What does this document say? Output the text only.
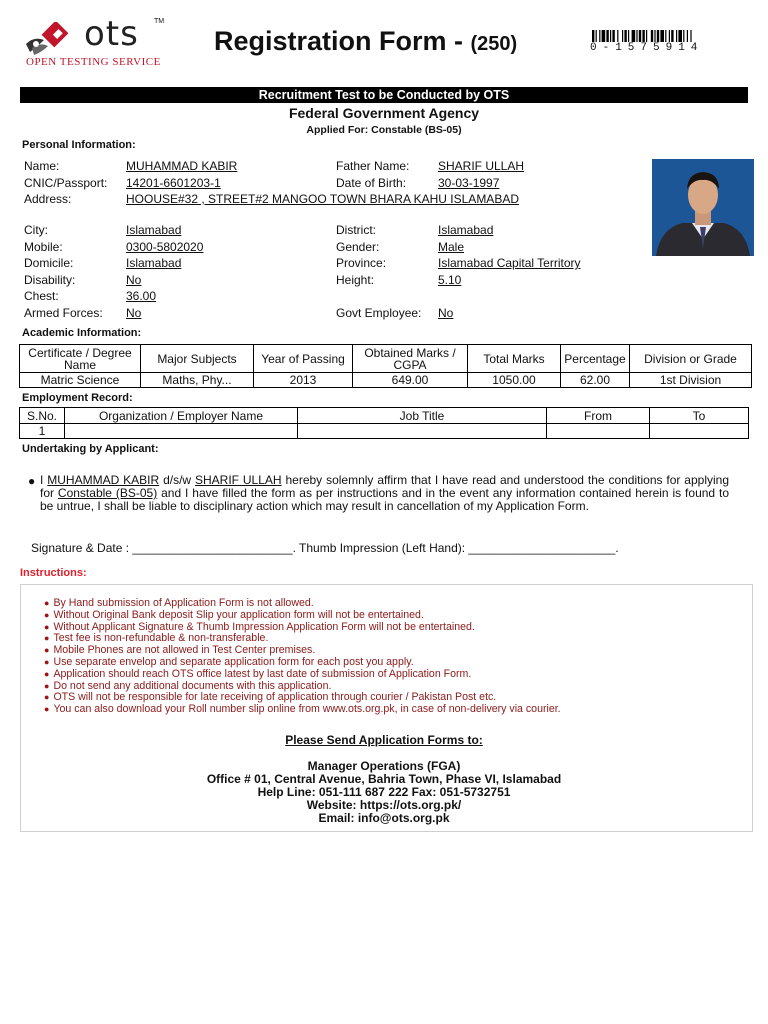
ots TM
OPEN TESTING SERVICE
Registration Form - (250)	0-1575914
Recruitment Test to be Conducted by OTS
Federal Government Agency
Applied For: Constable (BS-05)
Personal Information:
Name:	MUHAMMAD KABIR	Father Name: SHARIF ULLAH
CNIC/Passport: 14201-6601203-1	Date of Birth:	30-03-1997
Address:	HOOUSE#32 , STREET#2 MANGOO TOWN BHARA KAHU ISLAMABAD
City:	Islamabad	District:	Islamabad
Mobile:	0300-5802020	Gender:	Male
Domicile:	Islamabad	Province:	Islamabad Capital Territory
Disability:	No	Height:	5.10
Chest:	36.00
Armed Forces: No	Govt Employee: No
Academic Information:
Certificate / Degree Name	Major Subjects	Year of Passing	Obtained Marks / CGPA	Total Marks	Percentage	Division or Grade
Matric Science	Maths, Phy...	2013	649.00	1050.00	62.00	1st Division
Employment Record:
S.No.	Organization / Employer Name	Job Title	From	To
1				
Undertaking by Applicant:
● I MUHAMMAD KABIR d/s/w SHARIF ULLAH hereby solemnly affirm that I have read and understood the conditions for applying for Constable (BS-05) and I have filled the form as per instructions and in the event any information contained herein is found to be untrue, I shall be liable to disciplinary action which may result in cancellation of my Application Form.
Signature & Date : ________________________. Thumb Impression (Left Hand): ______________________.
Instructions:
● By Hand submission of Application Form is not allowed.
● Without Original Bank deposit Slip your application form will not be entertained.
● Without Applicant Signature & Thumb Impression Application Form will not be entertained.
● Test fee is non-refundable & non-transferable.
● Mobile Phones are not allowed in Test Center premises.
● Use separate envelop and separate application form for each post you apply.
● Application should reach OTS office latest by last date of submission of Application Form.
● Do not send any additional documents with this application.
● OTS will not be responsible for late receiving of application through courier / Pakistan Post etc.
● You can also download your Roll number slip online from www.ots.org.pk, in case of non-delivery via courier.
Please Send Application Forms to:
Manager Operations (FGA)
Office # 01, Central Avenue, Bahria Town, Phase VI, Islamabad
Help Line: 051-111 687 222 Fax: 051-5732751
Website: https://ots.org.pk/
Email: info@ots.org.pk
